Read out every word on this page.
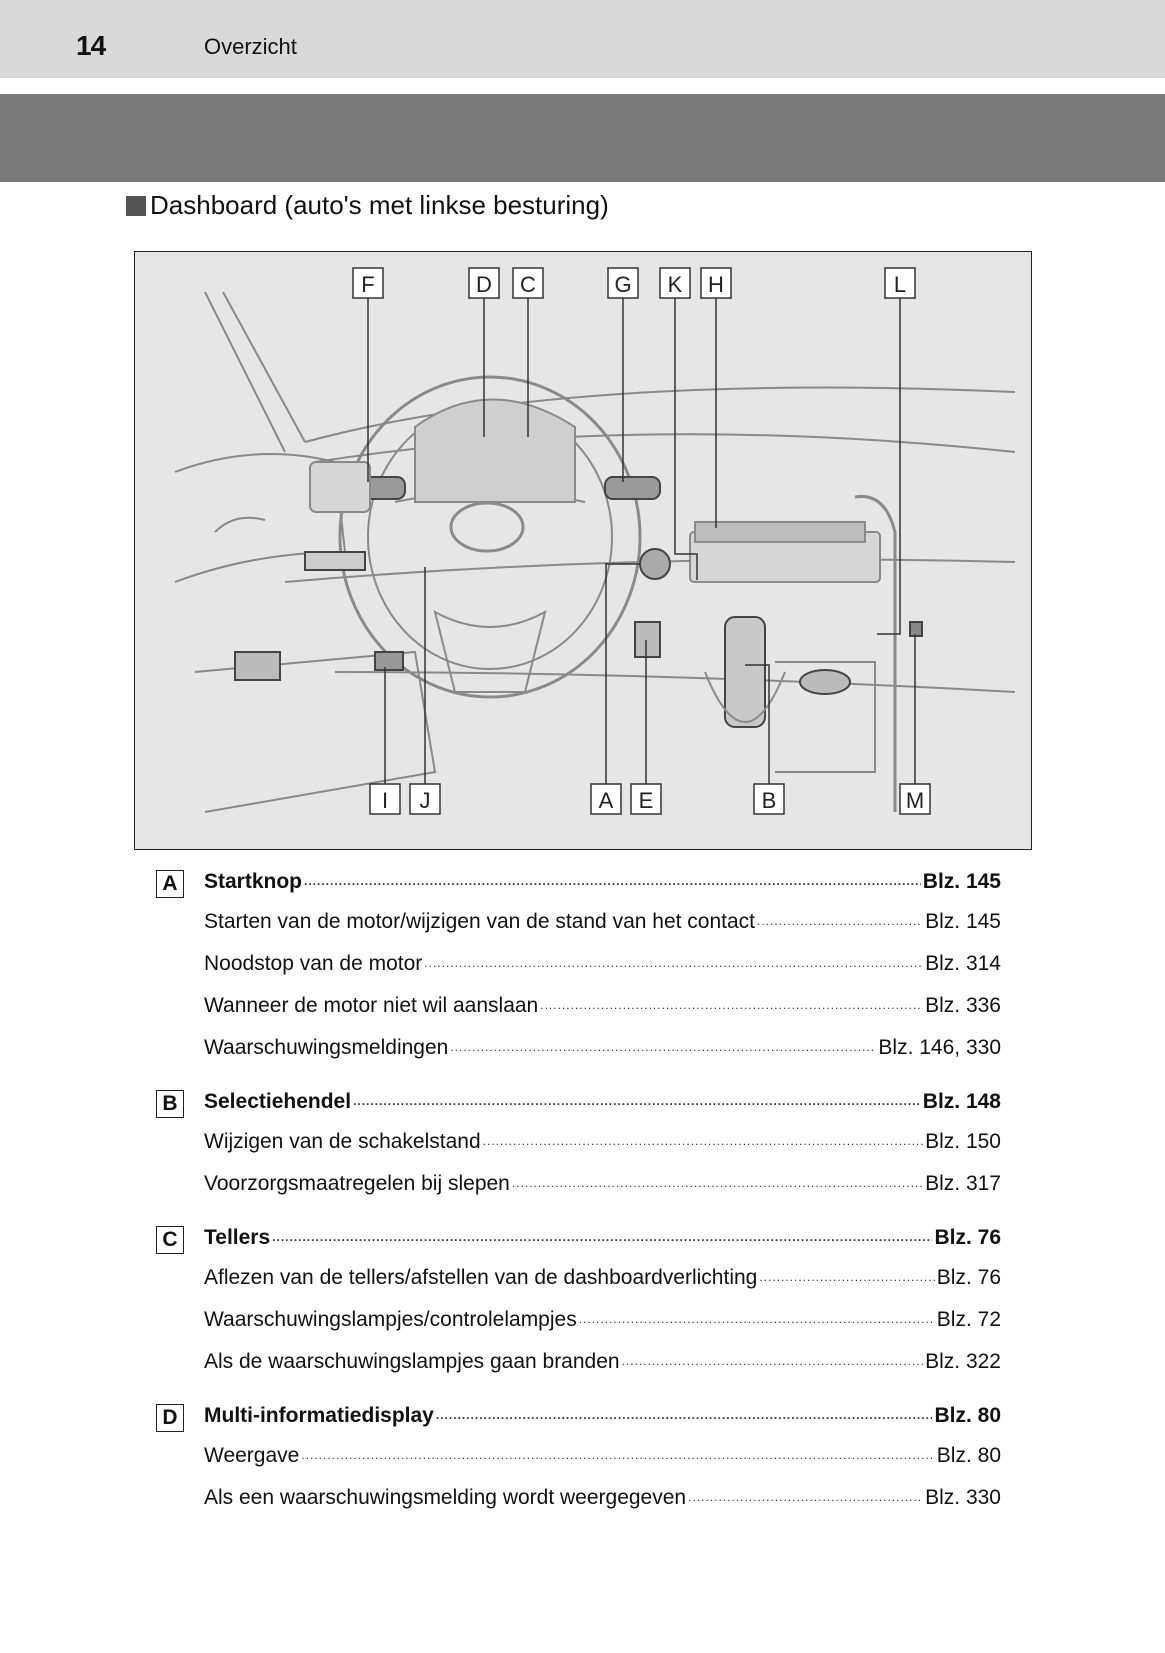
14	Overzicht
Dashboard (auto's met linkse besturing)
F	D C	G K H	L
I J	A E	B	M
A	Startknop .....	Blz. 145
Starten van de motor/wijzigen van de stand van het contact .....	Blz. 145
Noodstop van de motor .....	Blz. 314
Wanneer de motor niet wil aanslaan .....	Blz. 336
Waarschuwingsmeldingen .....	Blz. 146, 330
B	Selectiehendel .....	Blz. 148
Wijzigen van de schakelstand .....	Blz. 150
Voorzorgsmaatregelen bij slepen .....	Blz. 317
C	Tellers .....	Blz. 76
Aflezen van de tellers/afstellen van de dashboardverlichting .....	Blz. 76
Waarschuwingslampjes/controlelampjes .....	Blz. 72
Als de waarschuwingslampjes gaan branden .....	Blz. 322
D	Multi-informatiedisplay .....	Blz. 80
Weergave .....	Blz. 80
Als een waarschuwingsmelding wordt weergegeven .....	Blz. 330
